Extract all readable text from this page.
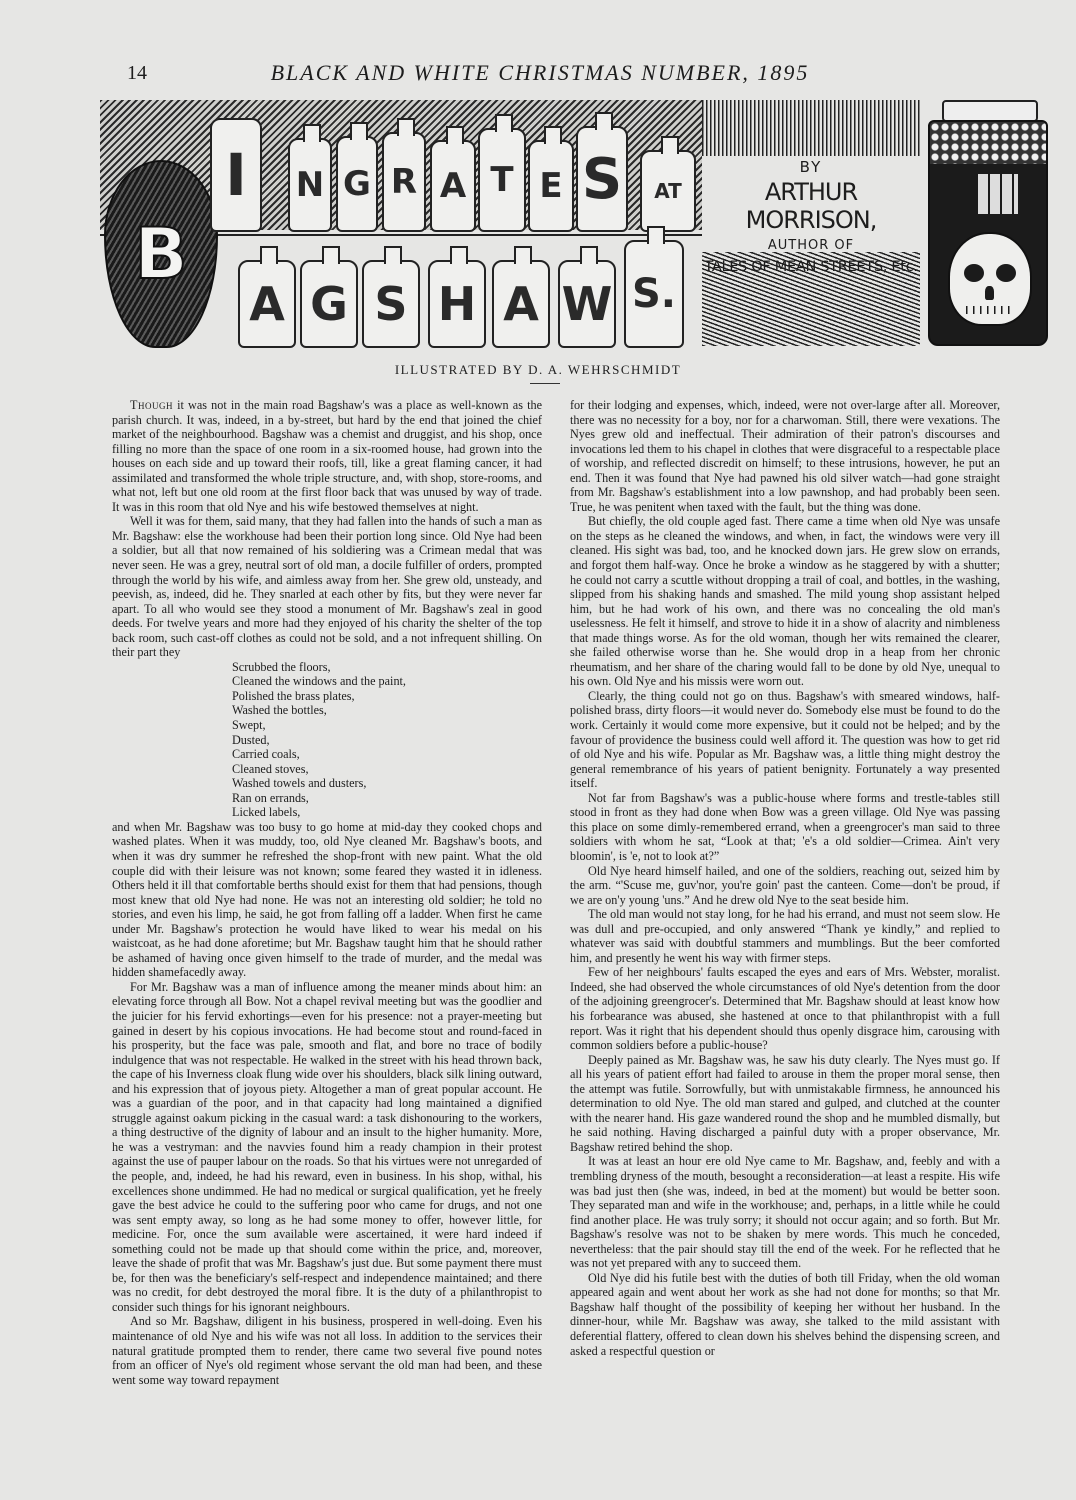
14	BLACK AND WHITE CHRISTMAS NUMBER, 1895
B
I N G R A T E S AT
A G S H A W S.
BY
ARTHUR MORRISON,
AUTHOR OF
TALES OF MEAN STREETS, Etc.
ILLUSTRATED BY D. A. WEHRSCHMIDT

Though it was not in the main road Bagshaw's was a place as well-known as the parish church. It was, indeed, in a by-street, but hard by the end that joined the chief market of the neighbourhood. Bagshaw was a chemist and druggist, and his shop, once filling no more than the space of one room in a six-roomed house, had grown into the houses on each side and up toward their roofs, till, like a great flaming cancer, it had assimilated and transformed the whole triple structure, and, with shop, store-rooms, and what not, left but one old room at the first floor back that was unused by way of trade. It was in this room that old Nye and his wife bestowed themselves at night.

Well it was for them, said many, that they had fallen into the hands of such a man as Mr. Bagshaw: else the workhouse had been their portion long since. Old Nye had been a soldier, but all that now remained of his soldiering was a Crimean medal that was never seen. He was a grey, neutral sort of old man, a docile fulfiller of orders, prompted through the world by his wife, and aimless away from her. She grew old, unsteady, and peevish, as, indeed, did he. They snarled at each other by fits, but they were never far apart. To all who would see they stood a monument of Mr. Bagshaw's zeal in good deeds. For twelve years and more had they enjoyed of his charity the shelter of the top back room, such cast-off clothes as could not be sold, and a not infrequent shilling. On their part they

Scrubbed the floors,
Cleaned the windows and the paint,
Polished the brass plates,
Washed the bottles,
Swept,
Dusted,
Carried coals,
Cleaned stoves,
Washed towels and dusters,
Ran on errands,
Licked labels,

and when Mr. Bagshaw was too busy to go home at mid-day they cooked chops and washed plates. When it was muddy, too, old Nye cleaned Mr. Bagshaw's boots, and when it was dry summer he refreshed the shop-front with new paint. What the old couple did with their leisure was not known; some feared they wasted it in idleness. Others held it ill that comfortable berths should exist for them that had pensions, though most knew that old Nye had none. He was not an interesting old soldier; he told no stories, and even his limp, he said, he got from falling off a ladder. When first he came under Mr. Bagshaw's protection he would have liked to wear his medal on his waistcoat, as he had done aforetime; but Mr. Bagshaw taught him that he should rather be ashamed of having once given himself to the trade of murder, and the medal was hidden shamefacedly away.

For Mr. Bagshaw was a man of influence among the meaner minds about him: an elevating force through all Bow. Not a chapel revival meeting but was the goodlier and the juicier for his fervid exhortings—even for his presence: not a prayer-meeting but gained in desert by his copious invocations. He had become stout and round-faced in his prosperity, but the face was pale, smooth and flat, and bore no trace of bodily indulgence that was not respectable. He walked in the street with his head thrown back, the cape of his Inverness cloak flung wide over his shoulders, black silk lining outward, and his expression that of joyous piety. Altogether a man of great popular account. He was a guardian of the poor, and in that capacity had long maintained a dignified struggle against oakum picking in the casual ward: a task dishonouring to the workers, a thing destructive of the dignity of labour and an insult to the higher humanity. More, he was a vestryman: and the navvies found him a ready champion in their protest against the use of pauper labour on the roads. So that his virtues were not unregarded of the people, and, indeed, he had his reward, even in business. In his shop, withal, his excellences shone undimmed. He had no medical or surgical qualification, yet he freely gave the best advice he could to the suffering poor who came for drugs, and not one was sent empty away, so long as he had some money to offer, however little, for medicine. For, once the sum available were ascertained, it were hard indeed if something could not be made up that should come within the price, and, moreover, leave the shade of profit that was Mr. Bagshaw's just due. But some payment there must be, for then was the beneficiary's self-respect and independence maintained; and there was no credit, for debt destroyed the moral fibre. It is the duty of a philanthropist to consider such things for his ignorant neighbours.

And so Mr. Bagshaw, diligent in his business, prospered in well-doing. Even his maintenance of old Nye and his wife was not all loss. In addition to the services their natural gratitude prompted them to render, there came two several five pound notes from an officer of Nye's old regiment whose servant the old man had been, and these went some way toward repayment

for their lodging and expenses, which, indeed, were not over-large after all. Moreover, there was no necessity for a boy, nor for a charwoman. Still, there were vexations. The Nyes grew old and ineffectual. Their admiration of their patron's discourses and invocations led them to his chapel in clothes that were disgraceful to a respectable place of worship, and reflected discredit on himself; to these intrusions, however, he put an end. Then it was found that Nye had pawned his old silver watch—had gone straight from Mr. Bagshaw's establishment into a low pawnshop, and had probably been seen. True, he was penitent when taxed with the fault, but the thing was done.

But chiefly, the old couple aged fast. There came a time when old Nye was unsafe on the steps as he cleaned the windows, and when, in fact, the windows were very ill cleaned. His sight was bad, too, and he knocked down jars. He grew slow on errands, and forgot them half-way. Once he broke a window as he staggered by with a shutter; he could not carry a scuttle without dropping a trail of coal, and bottles, in the washing, slipped from his shaking hands and smashed. The mild young shop assistant helped him, but he had work of his own, and there was no concealing the old man's uselessness. He felt it himself, and strove to hide it in a show of alacrity and nimbleness that made things worse. As for the old woman, though her wits remained the clearer, she failed otherwise worse than he. She would drop in a heap from her chronic rheumatism, and her share of the charing would fall to be done by old Nye, unequal to his own. Old Nye and his missis were worn out.

Clearly, the thing could not go on thus. Bagshaw's with smeared windows, half-polished brass, dirty floors—it would never do. Somebody else must be found to do the work. Certainly it would come more expensive, but it could not be helped; and by the favour of providence the business could well afford it. The question was how to get rid of old Nye and his wife. Popular as Mr. Bagshaw was, a little thing might destroy the general remembrance of his years of patient benignity. Fortunately a way presented itself.

Not far from Bagshaw's was a public-house where forms and trestle-tables still stood in front as they had done when Bow was a green village. Old Nye was passing this place on some dimly-remembered errand, when a greengrocer's man said to three soldiers with whom he sat, “Look at that; 'e's a old soldier—Crimea. Ain't very bloomin', is 'e, not to look at?”

Old Nye heard himself hailed, and one of the soldiers, reaching out, seized him by the arm. “'Scuse me, guv'nor, you're goin' past the canteen. Come—don't be proud, if we are on'y young 'uns.” And he drew old Nye to the seat beside him.

The old man would not stay long, for he had his errand, and must not seem slow. He was dull and pre-occupied, and only answered “Thank ye kindly,” and replied to whatever was said with doubtful stammers and mumblings. But the beer comforted him, and presently he went his way with firmer steps.

Few of her neighbours' faults escaped the eyes and ears of Mrs. Webster, moralist. Indeed, she had observed the whole circumstances of old Nye's detention from the door of the adjoining greengrocer's. Determined that Mr. Bagshaw should at least know how his forbearance was abused, she hastened at once to that philanthropist with a full report. Was it right that his dependent should thus openly disgrace him, carousing with common soldiers before a public-house?

Deeply pained as Mr. Bagshaw was, he saw his duty clearly. The Nyes must go. If all his years of patient effort had failed to arouse in them the proper moral sense, then the attempt was futile. Sorrowfully, but with unmistakable firmness, he announced his determination to old Nye. The old man stared and gulped, and clutched at the counter with the nearer hand. His gaze wandered round the shop and he mumbled dismally, but he said nothing. Having discharged a painful duty with a proper observance, Mr. Bagshaw retired behind the shop.

It was at least an hour ere old Nye came to Mr. Bagshaw, and, feebly and with a trembling dryness of the mouth, besought a reconsideration—at least a respite. His wife was bad just then (she was, indeed, in bed at the moment) but would be better soon. They separated man and wife in the workhouse; and, perhaps, in a little while he could find another place. He was truly sorry; it should not occur again; and so forth. But Mr. Bagshaw's resolve was not to be shaken by mere words. This much he conceded, nevertheless: that the pair should stay till the end of the week. For he reflected that he was not yet prepared with any to succeed them.

Old Nye did his futile best with the duties of both till Friday, when the old woman appeared again and went about her work as she had not done for months; so that Mr. Bagshaw half thought of the possibility of keeping her without her husband. In the dinner-hour, while Mr. Bagshaw was away, she talked to the mild assistant with deferential flattery, offered to clean down his shelves behind the dispensing screen, and asked a respectful question or
